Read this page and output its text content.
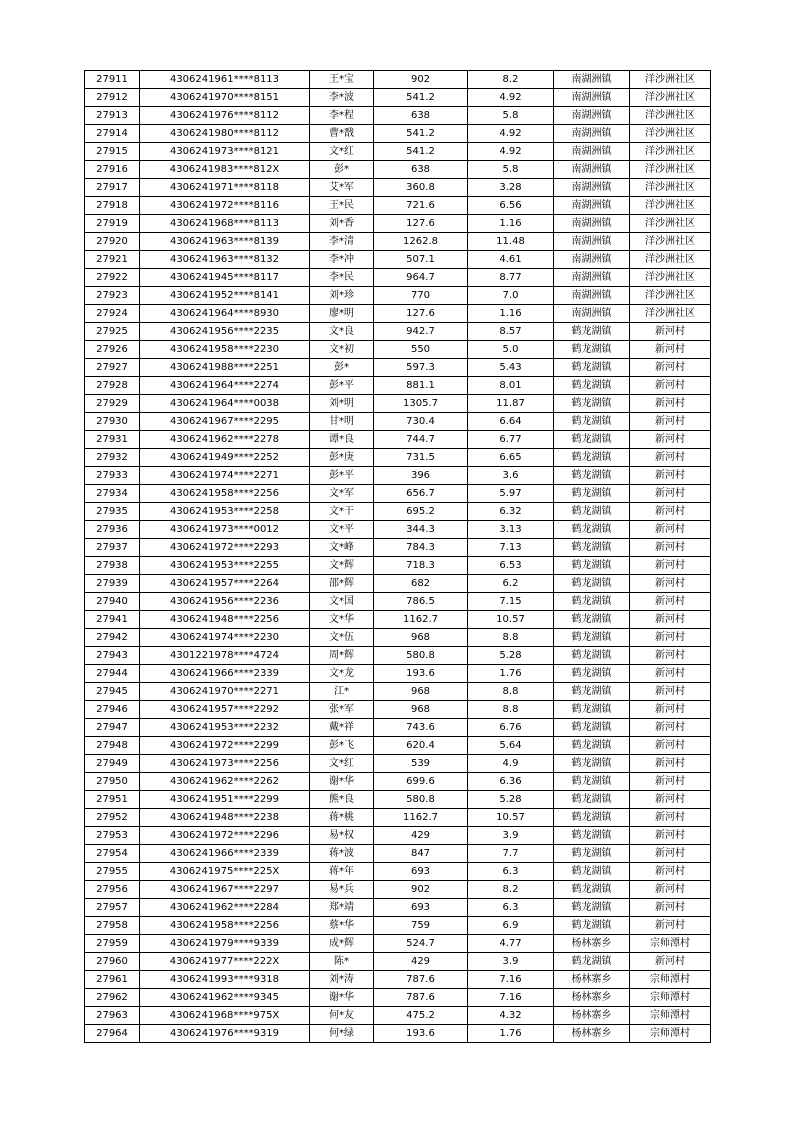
27911	4306241961****8113	王*宝	902	8.2	南湖洲镇	洋沙洲社区
27912	4306241970****8151	李*波	541.2	4.92	南湖洲镇	洋沙洲社区
27913	4306241976****8112	李*程	638	5.8	南湖洲镇	洋沙洲社区
27914	4306241980****8112	曹*戬	541.2	4.92	南湖洲镇	洋沙洲社区
27915	4306241973****8121	文*红	541.2	4.92	南湖洲镇	洋沙洲社区
27916	4306241983****812X	彭*	638	5.8	南湖洲镇	洋沙洲社区
27917	4306241971****8118	艾*军	360.8	3.28	南湖洲镇	洋沙洲社区
27918	4306241972****8116	王*民	721.6	6.56	南湖洲镇	洋沙洲社区
27919	4306241968****8113	刘*香	127.6	1.16	南湖洲镇	洋沙洲社区
27920	4306241963****8139	李*清	1262.8	11.48	南湖洲镇	洋沙洲社区
27921	4306241963****8132	李*冲	507.1	4.61	南湖洲镇	洋沙洲社区
27922	4306241945****8117	李*民	964.7	8.77	南湖洲镇	洋沙洲社区
27923	4306241952****8141	刘*珍	770	7.0	南湖洲镇	洋沙洲社区
27924	4306241964****8930	廖*明	127.6	1.16	南湖洲镇	洋沙洲社区
27925	4306241956****2235	文*良	942.7	8.57	鹤龙湖镇	新河村
27926	4306241958****2230	文*初	550	5.0	鹤龙湖镇	新河村
27927	4306241988****2251	彭*	597.3	5.43	鹤龙湖镇	新河村
27928	4306241964****2274	彭*平	881.1	8.01	鹤龙湖镇	新河村
27929	4306241964****0038	刘*明	1305.7	11.87	鹤龙湖镇	新河村
27930	4306241967****2295	甘*明	730.4	6.64	鹤龙湖镇	新河村
27931	4306241962****2278	谭*良	744.7	6.77	鹤龙湖镇	新河村
27932	4306241949****2252	彭*庚	731.5	6.65	鹤龙湖镇	新河村
27933	4306241974****2271	彭*平	396	3.6	鹤龙湖镇	新河村
27934	4306241958****2256	文*军	656.7	5.97	鹤龙湖镇	新河村
27935	4306241953****2258	文*干	695.2	6.32	鹤龙湖镇	新河村
27936	4306241973****0012	文*平	344.3	3.13	鹤龙湖镇	新河村
27937	4306241972****2293	文*峰	784.3	7.13	鹤龙湖镇	新河村
27938	4306241953****2255	文*辉	718.3	6.53	鹤龙湖镇	新河村
27939	4306241957****2264	邵*辉	682	6.2	鹤龙湖镇	新河村
27940	4306241956****2236	文*国	786.5	7.15	鹤龙湖镇	新河村
27941	4306241948****2256	文*华	1162.7	10.57	鹤龙湖镇	新河村
27942	4306241974****2230	文*伍	968	8.8	鹤龙湖镇	新河村
27943	4301221978****4724	周*辉	580.8	5.28	鹤龙湖镇	新河村
27944	4306241966****2339	文*龙	193.6	1.76	鹤龙湖镇	新河村
27945	4306241970****2271	江*	968	8.8	鹤龙湖镇	新河村
27946	4306241957****2292	张*军	968	8.8	鹤龙湖镇	新河村
27947	4306241953****2232	戴*祥	743.6	6.76	鹤龙湖镇	新河村
27948	4306241972****2299	彭*飞	620.4	5.64	鹤龙湖镇	新河村
27949	4306241973****2256	文*红	539	4.9	鹤龙湖镇	新河村
27950	4306241962****2262	谢*华	699.6	6.36	鹤龙湖镇	新河村
27951	4306241951****2299	熊*良	580.8	5.28	鹤龙湖镇	新河村
27952	4306241948****2238	蒋*桃	1162.7	10.57	鹤龙湖镇	新河村
27953	4306241972****2296	易*权	429	3.9	鹤龙湖镇	新河村
27954	4306241966****2339	蒋*波	847	7.7	鹤龙湖镇	新河村
27955	4306241975****225X	蒋*年	693	6.3	鹤龙湖镇	新河村
27956	4306241967****2297	易*兵	902	8.2	鹤龙湖镇	新河村
27957	4306241962****2284	郑*靖	693	6.3	鹤龙湖镇	新河村
27958	4306241958****2256	蔡*华	759	6.9	鹤龙湖镇	新河村
27959	4306241979****9339	成*辉	524.7	4.77	杨林寨乡	宗师潭村
27960	4306241977****222X	陈*	429	3.9	鹤龙湖镇	新河村
27961	4306241993****9318	刘*涛	787.6	7.16	杨林寨乡	宗师潭村
27962	4306241962****9345	谢*华	787.6	7.16	杨林寨乡	宗师潭村
27963	4306241968****975X	何*友	475.2	4.32	杨林寨乡	宗师潭村
27964	4306241976****9319	何*绿	193.6	1.76	杨林寨乡	宗师潭村
